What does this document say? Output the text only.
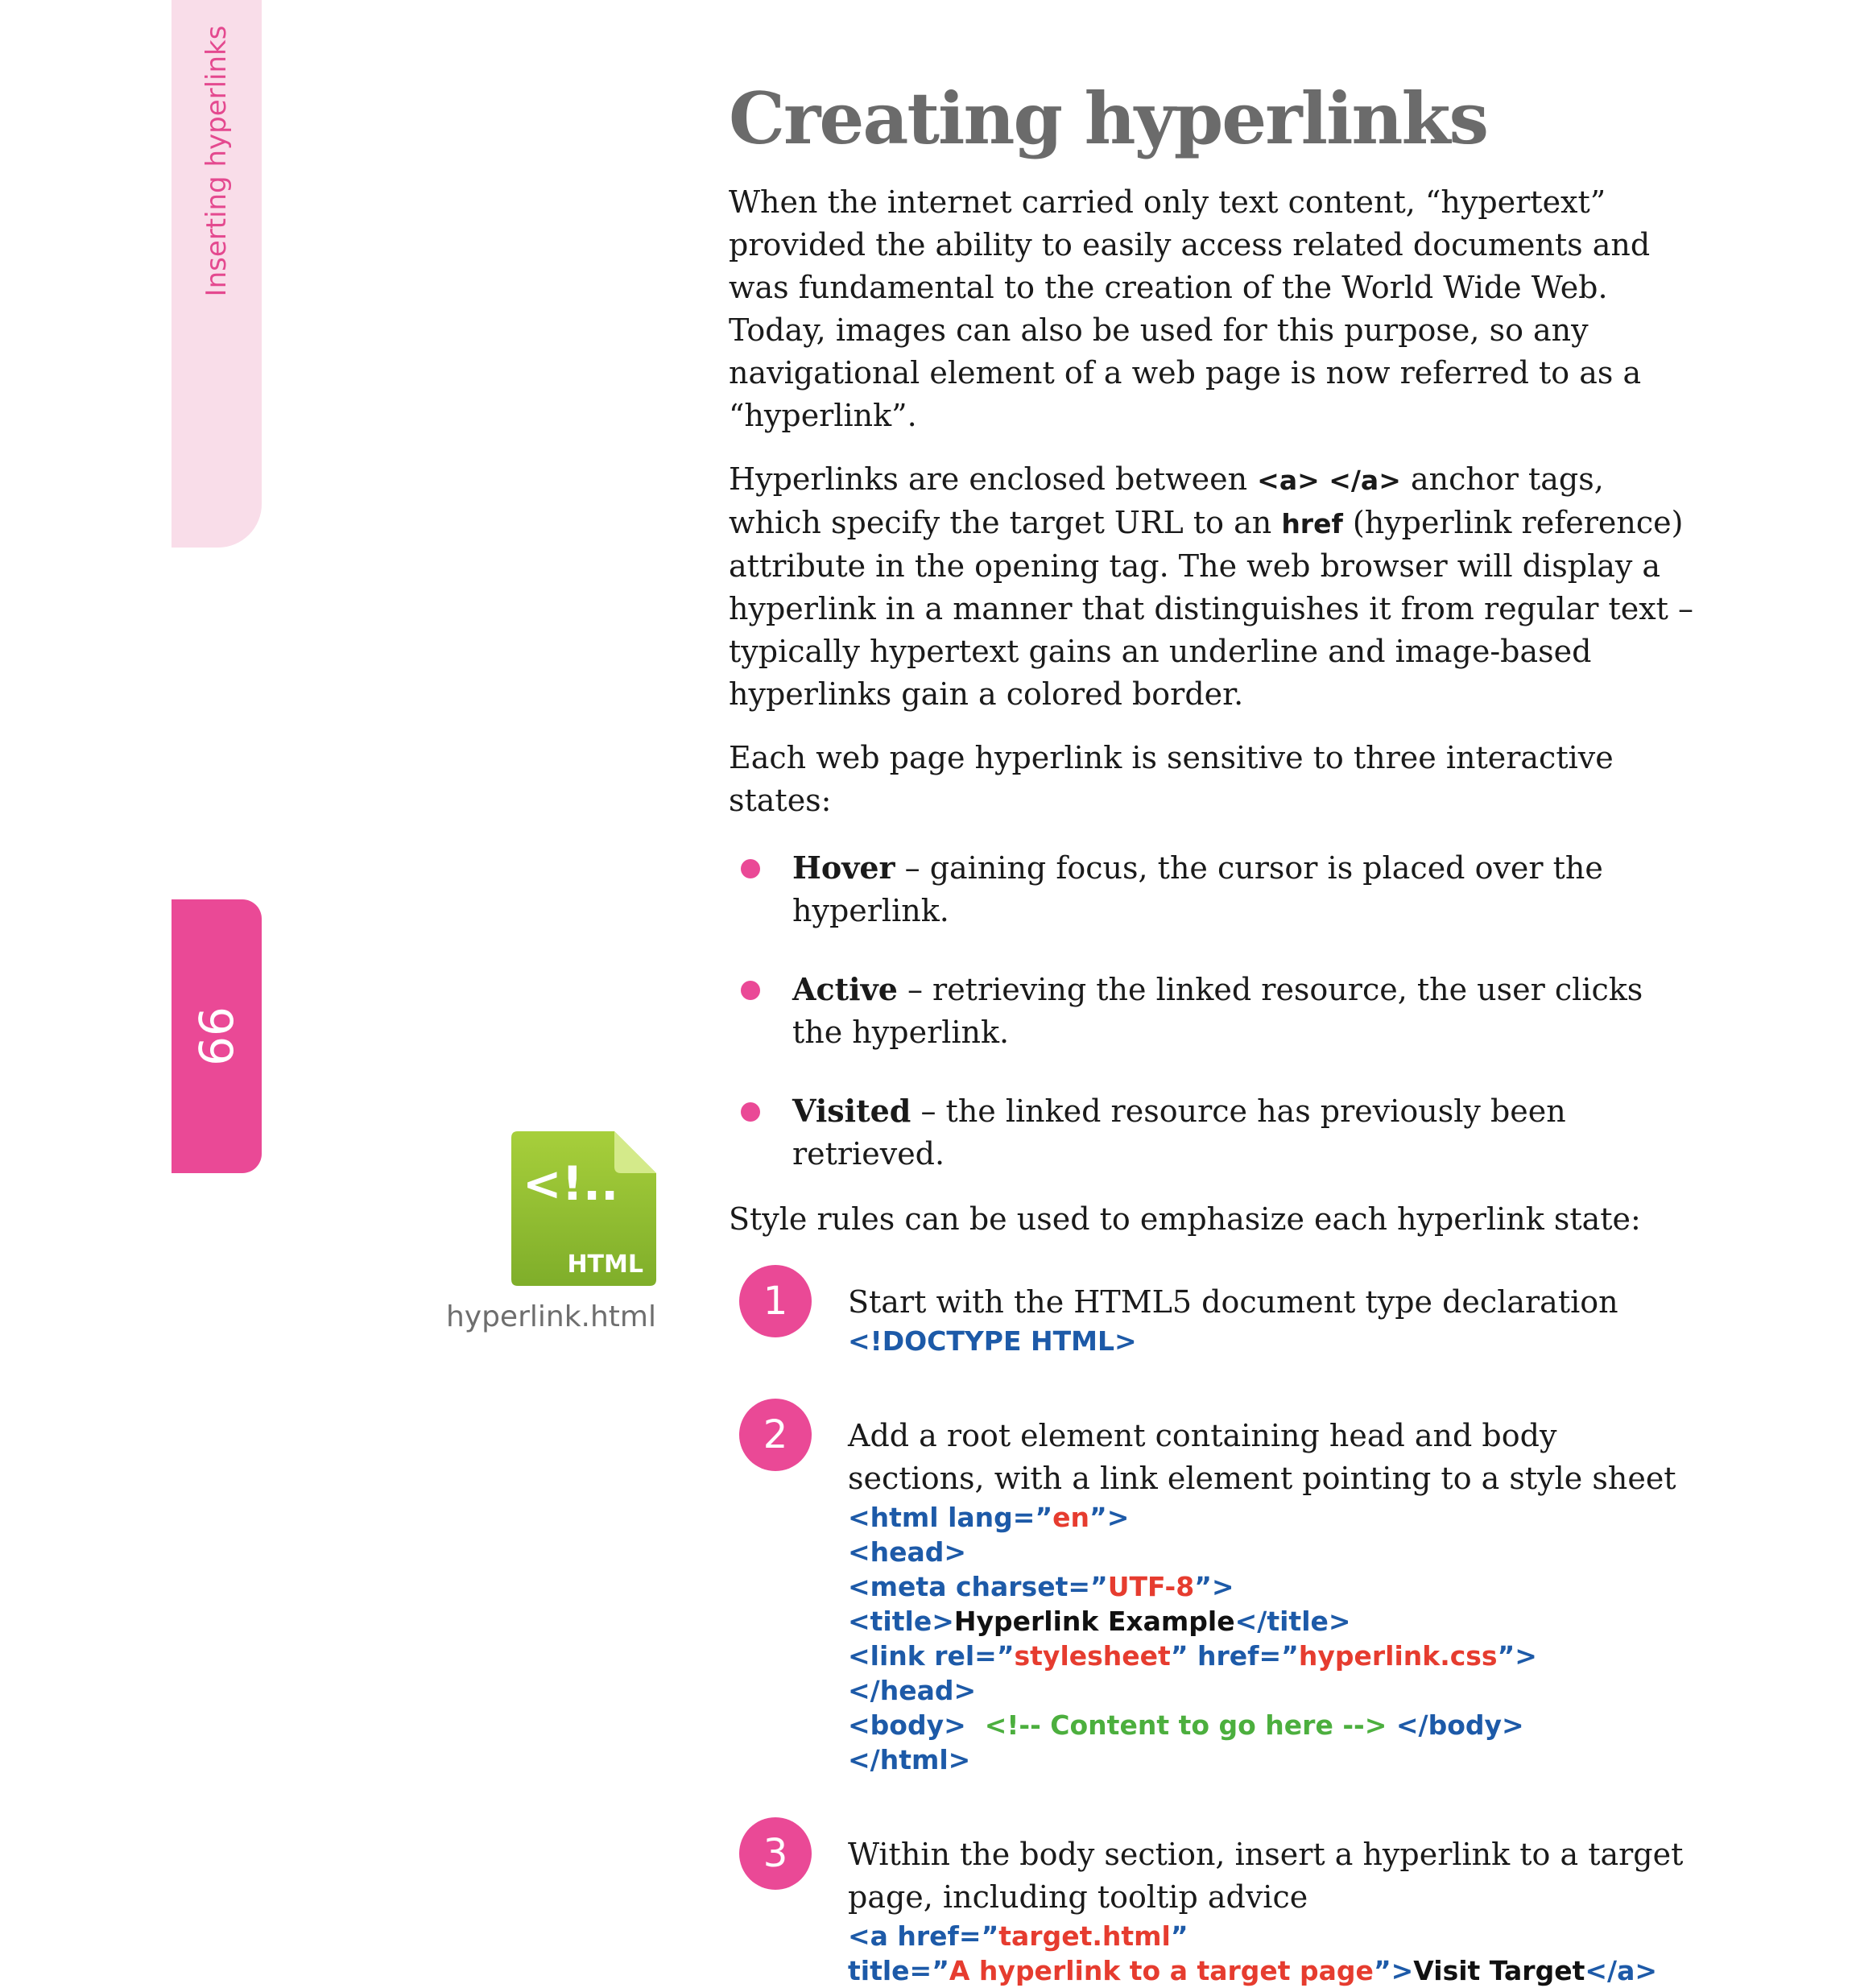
Inserting hyperlinks
66
<!..
HTML
hyperlink.html
Creating hyperlinks

When the internet carried only text content, “hypertext” provided the ability to easily access related documents and was fundamental to the creation of the World Wide Web. Today, images can also be used for this purpose, so any navigational element of a web page is now referred to as a “hyperlink”.

Hyperlinks are enclosed between <a> </a> anchor tags, which specify the target URL to an href (hyperlink reference) attribute in the opening tag. The web browser will display a hyperlink in a manner that distinguishes it from regular text – typically hypertext gains an underline and image-based hyperlinks gain a colored border.

Each web page hyperlink is sensitive to three interactive states:

Hover – gaining focus, the cursor is placed over the hyperlink.
Active – retrieving the linked resource, the user clicks the hyperlink.
Visited – the linked resource has previously been retrieved.

Style rules can be used to emphasize each hyperlink state:

1	Start with the HTML5 document type declaration
<!DOCTYPE HTML>
2	Add a root element containing head and body sections, with a link element pointing to a style sheet
<html lang=”en”>
<head>
<meta charset=”UTF-8”>
<title>Hyperlink Example</title>
<link rel=”stylesheet” href=”hyperlink.css”>
</head>
<body>  <!-- Content to go here --> </body>
</html>
3	Within the body section, insert a hyperlink to a target page, including tooltip advice
<a href=”target.html”
title=”A hyperlink to a target page”>Visit Target</a>
